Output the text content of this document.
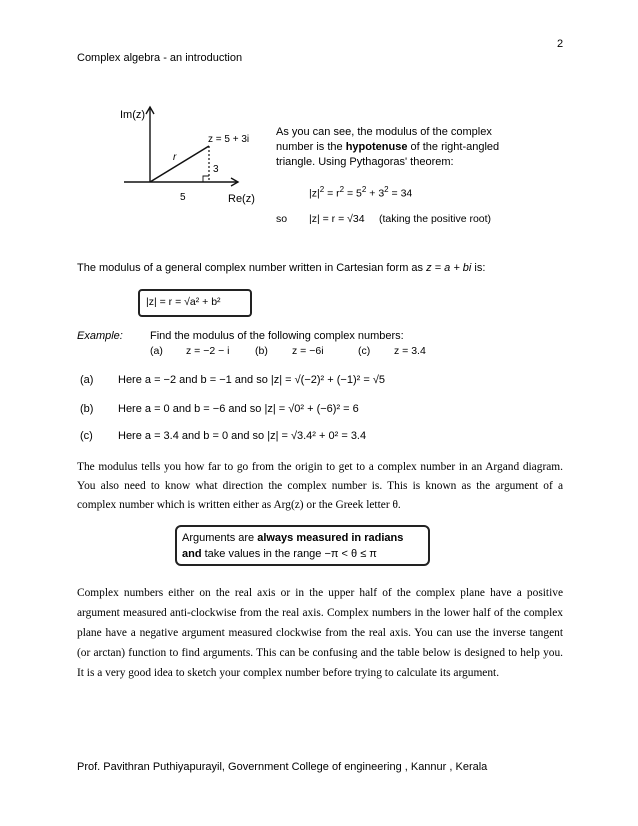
2
Complex algebra - an introduction
Im(z)
Re(z)
z = 5 + 3i
r
3
5
As you can see, the modulus of the complex
number is the hypotenuse of the right-angled
triangle. Using Pythagoras' theorem:
$|z|^2 = r^2 = 5^2 + 3^2 = 34$
so |z| = r = √34 (taking the positive root)
The modulus of a general complex number written in Cartesian form as z = a + bi is:
|z| = r = √a² + b²
Example: Find the modulus of the following complex numbers:
(a) z = −2 − i (b) z = −6i	(c) z = 3.4
(a) Here a = −2 and b = −1 and so |z| = √(−2)² + (−1)² = √5
(b) Here a = 0 and b = −6 and so |z| = √0² + (−6)² = 6
(c) Here a = 3.4 and b = 0 and so |z| = √3.4² + 0² = 3.4

The modulus tells you how far to go from the origin to get to a complex number in an Argand diagram. You also need to know what direction the complex number is. This is known as the argument of a complex number which is written either as Arg(z) or the Greek letter θ.

Arguments are always measured in radians
and take values in the range −π < θ ≤ π

Complex numbers either on the real axis or in the upper half of the complex plane have a positive argument measured anti-clockwise from the real axis. Complex numbers in the lower half of the complex plane have a negative argument measured clockwise from the real axis. You can use the inverse tangent (or arctan) function to find arguments. This can be confusing and the table below is designed to help you. It is a very good idea to sketch your complex number before trying to calculate its argument.

Prof. Pavithran Puthiyapurayil, Government College of engineering , Kannur , Kerala
